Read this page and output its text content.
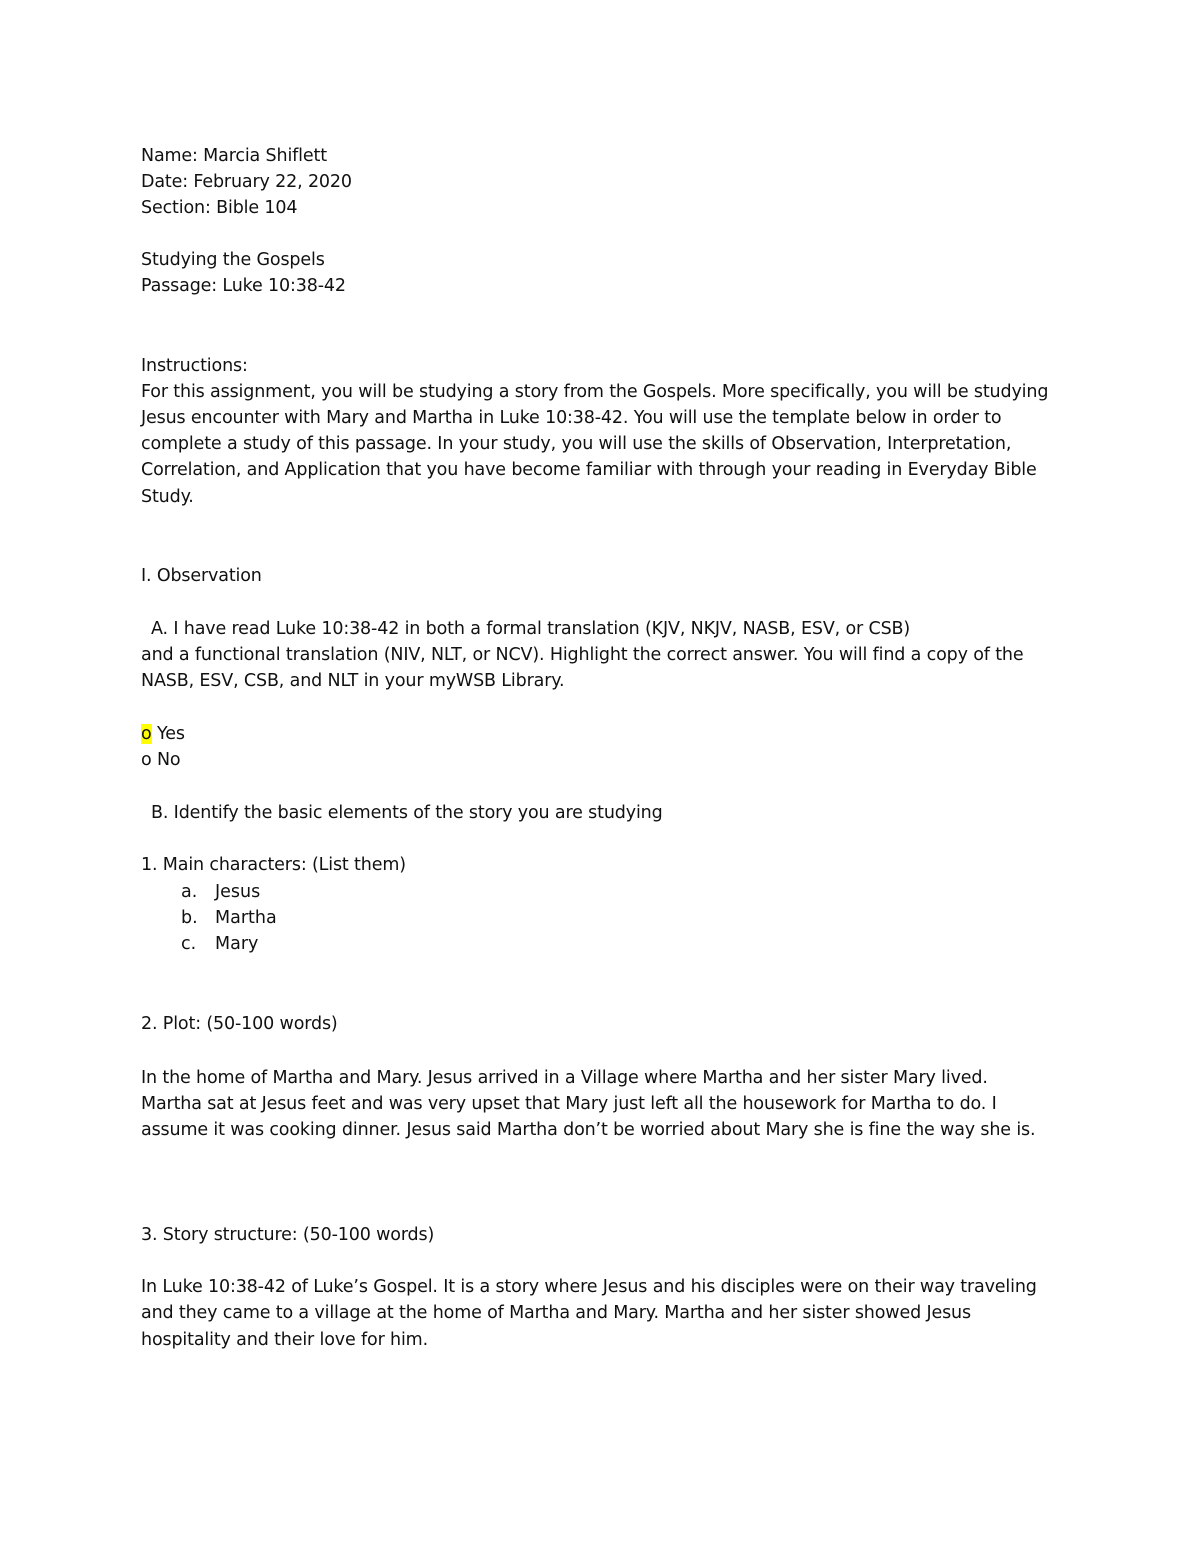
Name: Marcia Shiflett
Date: February 22, 2020
Section: Bible 104
Studying the Gospels
Passage: Luke 10:38-42
Instructions:
For this assignment, you will be studying a story from the Gospels. More specifically, you will be studying
Jesus encounter with Mary and Martha in Luke 10:38-42. You will use the template below in order to
complete a study of this passage. In your study, you will use the skills of Observation, Interpretation,
Correlation, and Application that you have become familiar with through your reading in Everyday Bible
Study.
I. Observation
A. I have read Luke 10:38-42 in both a formal translation (KJV, NKJV, NASB, ESV, or CSB)
and a functional translation (NIV, NLT, or NCV). Highlight the correct answer. You will find a copy of the
NASB, ESV, CSB, and NLT in your myWSB Library.
o Yes
o No
B. Identify the basic elements of the story you are studying
1. Main characters: (List them)
a. Jesus
b. Martha
c. Mary
2. Plot: (50-100 words)
In the home of Martha and Mary. Jesus arrived in a Village where Martha and her sister Mary lived.
Martha sat at Jesus feet and was very upset that Mary just left all the housework for Martha to do. I
assume it was cooking dinner. Jesus said Martha don’t be worried about Mary she is fine the way she is.
3. Story structure: (50-100 words)
In Luke 10:38-42 of Luke’s Gospel. It is a story where Jesus and his disciples were on their way traveling
and they came to a village at the home of Martha and Mary. Martha and her sister showed Jesus
hospitality and their love for him.
